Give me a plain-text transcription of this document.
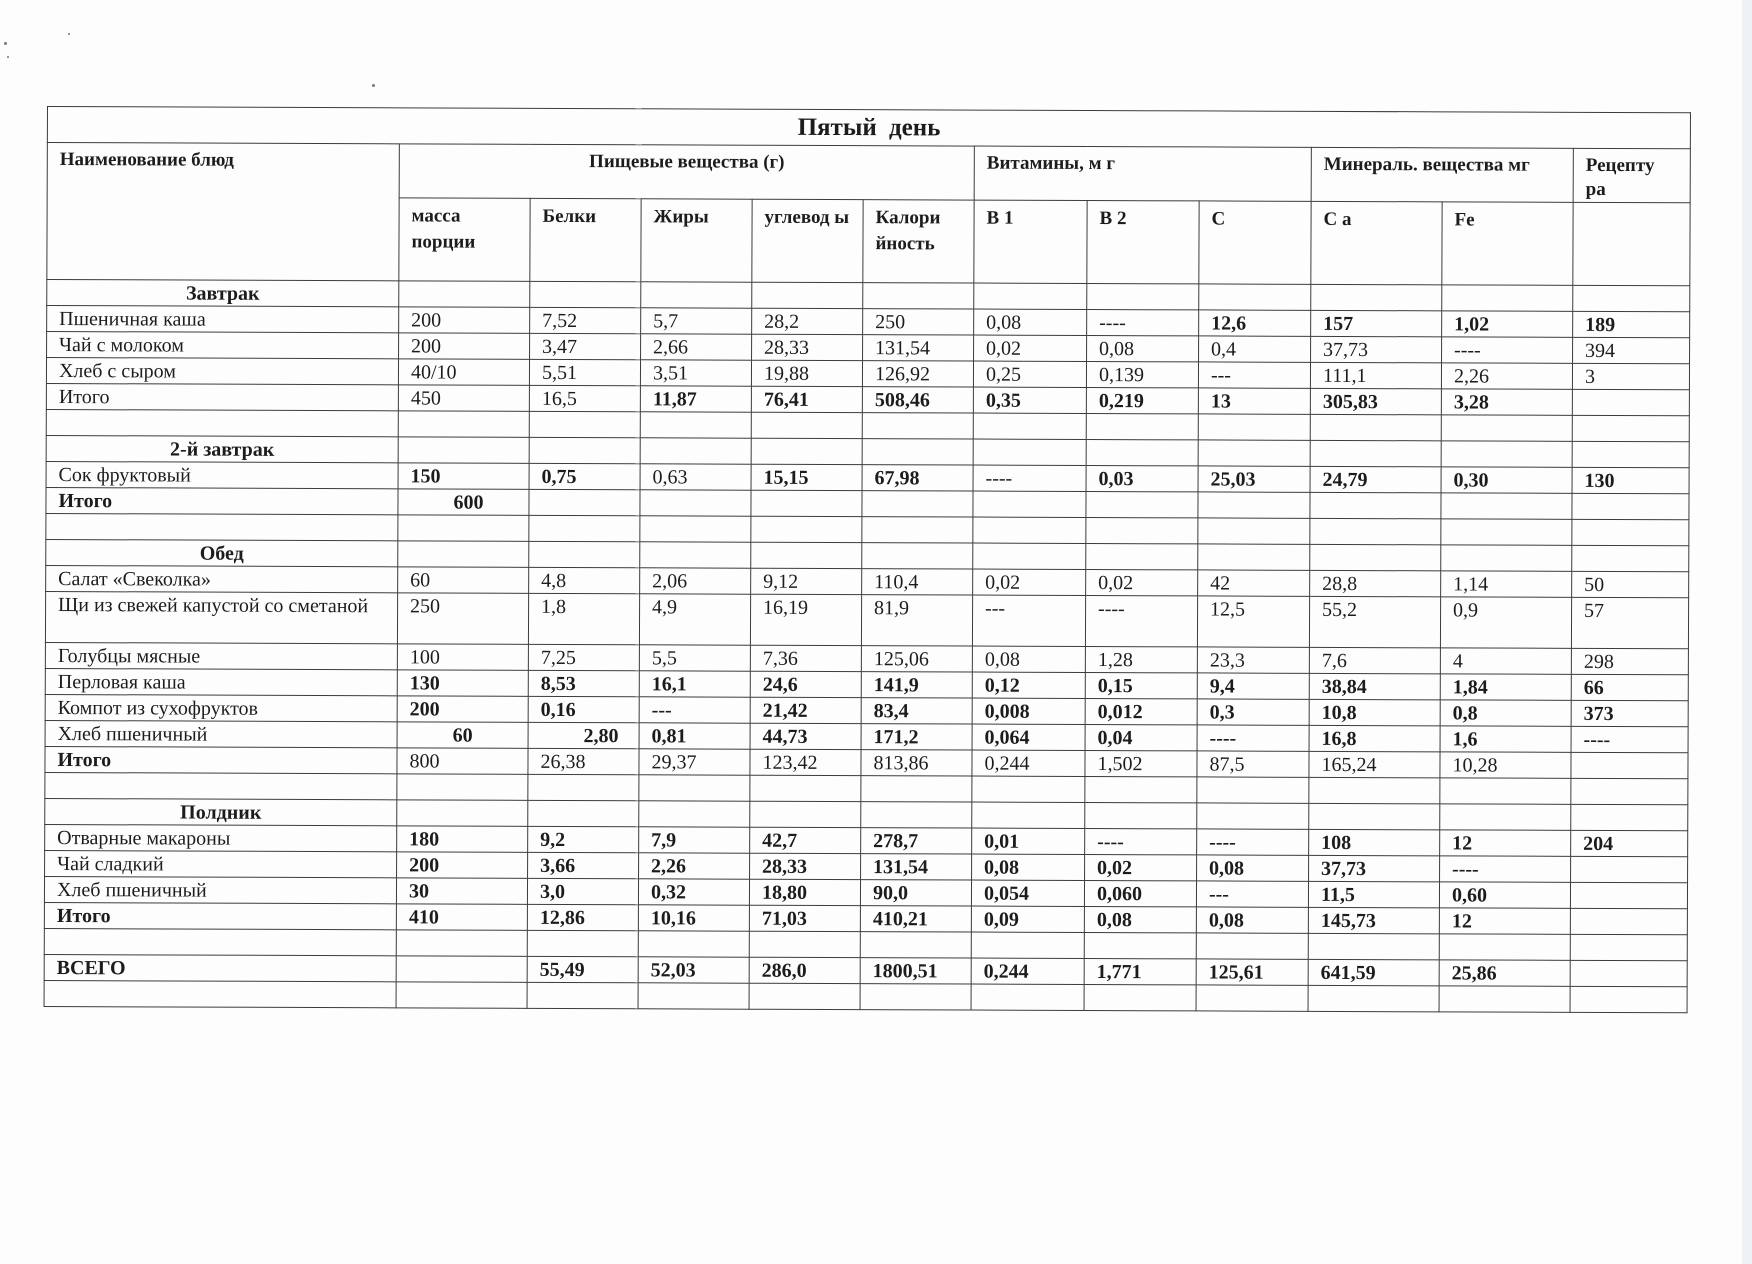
Пятый день											
Наименование блюд	Пищевые вещества (г)					Витамины, м г			Минераль. вещества мг		Рецепту ра
	масса порции	Белки	Жиры	углевод ы	Калори йность	В 1	В 2	С	С а	Fe	
Завтрак											
Пшеничная каша	200	7,52	5,7	28,2	250	0,08	----	12,6	157	1,02	189
Чай с молоком	200	3,47	2,66	28,33	131,54	0,02	0,08	0,4	37,73	----	394
Хлеб с сыром	40/10	5,51	3,51	19,88	126,92	0,25	0,139	---	111,1	2,26	3
Итого	450	16,5	11,87	76,41	508,46	0,35	0,219	13	305,83	3,28	

2-й завтрак											
Сок фруктовый	150	0,75	0,63	15,15	67,98	----	0,03	25,03	24,79	0,30	130
Итого	600										

Обед											
Салат «Свеколка»	60	4,8	2,06	9,12	110,4	0,02	0,02	42	28,8	1,14	50
Щи из свежей капустой со сметаной	250	1,8	4,9	16,19	81,9	---	----	12,5	55,2	0,9	57
Голубцы мясные	100	7,25	5,5	7,36	125,06	0,08	1,28	23,3	7,6	4	298
Перловая каша	130	8,53	16,1	24,6	141,9	0,12	0,15	9,4	38,84	1,84	66
Компот из сухофруктов	200	0,16	---	21,42	83,4	0,008	0,012	0,3	10,8	0,8	373
Хлеб пшеничный	60	2,80	0,81	44,73	171,2	0,064	0,04	----	16,8	1,6	----
Итого	800	26,38	29,37	123,42	813,86	0,244	1,502	87,5	165,24	10,28	

Полдник											
Отварные макароны	180	9,2	7,9	42,7	278,7	0,01	----	----	108	12	204
Чай сладкий	200	3,66	2,26	28,33	131,54	0,08	0,02	0,08	37,73	----	
Хлеб пшеничный	30	3,0	0,32	18,80	90,0	0,054	0,060	---	11,5	0,60	
Итого	410	12,86	10,16	71,03	410,21	0,09	0,08	0,08	145,73	12	

ВСЕГО		55,49	52,03	286,0	1800,51	0,244	1,771	125,61	641,59	25,86	
